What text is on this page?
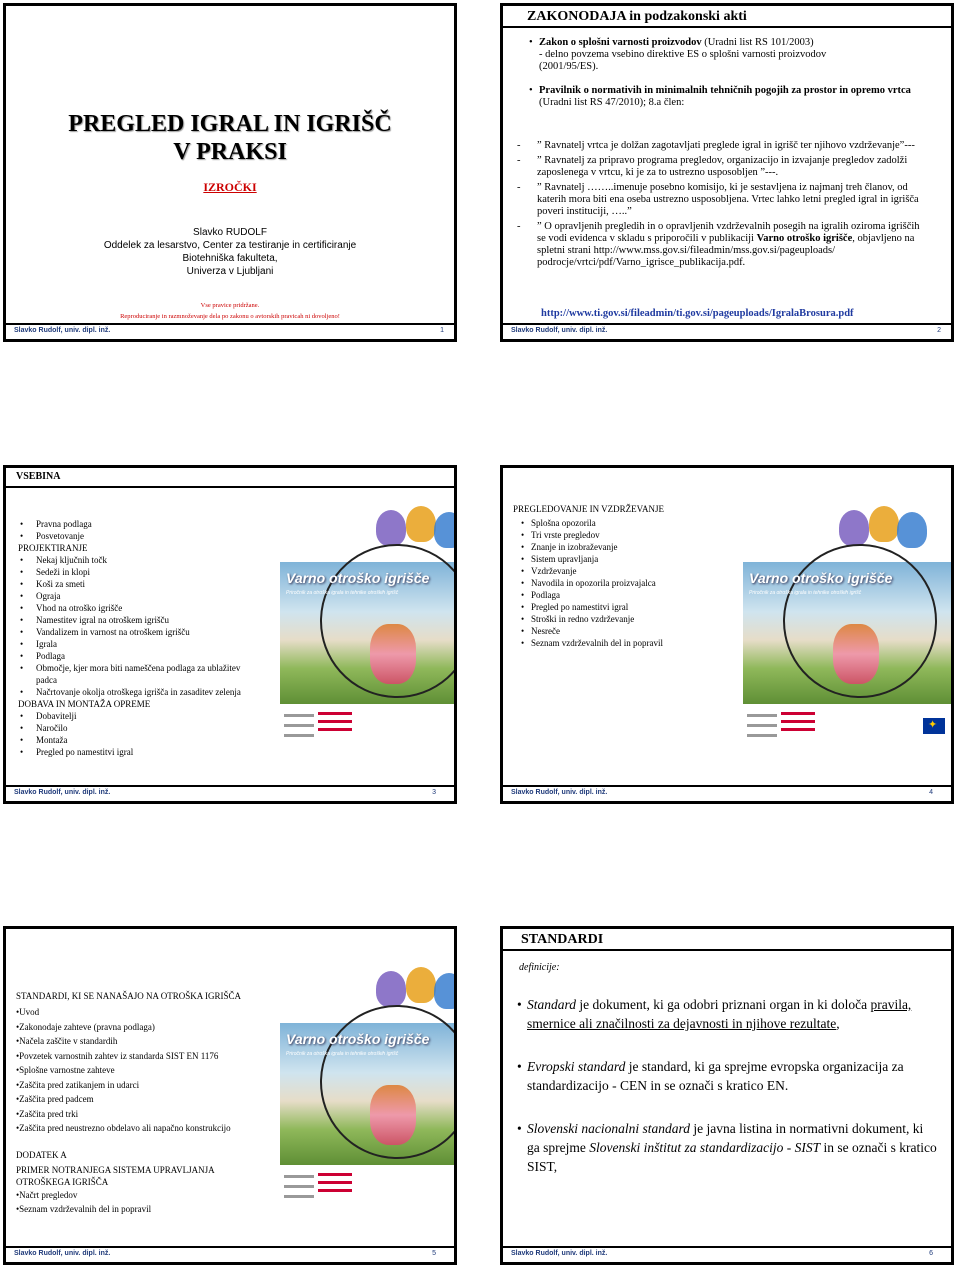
PREGLED IGRAL IN IGRIŠČ
V PRAKSI
IZROČKI
Slavko RUDOLF
Oddelek za lesarstvo, Center za testiranje in certificiranje
Biotehniška fakulteta,
Univerza v Ljubljani
Vse pravice pridržane.
Reproduciranje in razmnoževanje dela po zakonu o avtorskih pravicah ni dovoljeno!
Slavko Rudolf, univ. dipl. inž.	1
ZAKONODAJA in podzakonski akti
• Zakon o splošni varnosti proizvodov (Uradni list RS 101/2003)
- delno povzema vsebino direktive ES o splošni varnosti proizvodov
(2001/95/ES).
• Pravilnik o normativih in minimalnih tehničnih pogojih za prostor in opremo vrtca (Uradni list RS 47/2010); 8.a člen:
- ” Ravnatelj vrtca je dolžan zagotavljati preglede igral in igrišč ter njihovo vzdrževanje”---
- ” Ravnatelj za pripravo programa pregledov, organizacijo in izvajanje pregledov zadolži zaposlenega v vrtcu, ki je za to ustrezno usposobljen ”---.
- ” Ravnatelj ……..imenuje posebno komisijo, ki je sestavljena iz najmanj treh članov, od katerih mora biti ena oseba ustrezno usposobljena. Vrtec lahko letni pregled igral in igrišča poveri instituciji, …..”
- ” O opravljenih pregledih in o opravljenih vzdrževalnih posegih na igralih oziroma igriščih se vodi evidenca v skladu s priporočili v publikaciji Varno otroško igrišče, objavljeno na spletni strani http://www.mss.gov.si/fileadmin/mss.gov.si/pageuploads/ podrocje/vrtci/pdf/Varno_igrisce_publikacija.pdf.
http://www.ti.gov.si/fileadmin/ti.gov.si/pageuploads/IgralaBrosura.pdf
Slavko Rudolf, univ. dipl. inž.	2
VSEBINA
• Pravna podlaga
• Posvetovanje
PROJEKTIRANJE
• Nekaj ključnih točk
• Sedeži in klopi
• Koši za smeti
• Ograja
• Vhod na otroško igrišče
• Namestitev igral na otroškem igrišču
• Vandalizem in varnost na otroškem igrišču
• Igrala
• Podlaga
• Območje, kjer mora biti nameščena podlaga za ublažitev padca
• Načrtovanje okolja otroškega igrišča in zasaditev zelenja
DOBAVA IN MONTAŽA OPREME
• Dobavitelji
• Naročilo
• Montaža
• Pregled po namestitvi igral
Varno otroško igrišče
Priročnik za otroška igrala in tehnike otroških igrišč
Slavko Rudolf, univ. dipl. inž.	3
PREGLEDOVANJE IN VZDRŽEVANJE
• Splošna opozorila
• Tri vrste pregledov
• Znanje in izobraževanje
• Sistem upravljanja
• Vzdrževanje
• Navodila in opozorila proizvajalca
• Podlaga
• Pregled po namestitvi igral
• Stroški in redno vzdrževanje
• Nesreče
• Seznam vzdrževalnih del in popravil
Varno otroško igrišče
Priročnik za otroška igrala in tehnike otroških igrišč
✦
Slavko Rudolf, univ. dipl. inž.	4
STANDARDI, KI SE NANAŠAJO NA OTROŠKA IGRIŠČA
•Uvod
•Zakonodaje zahteve (pravna podlaga)
•Načela zaščite v standardih
•Povzetek varnostnih zahtev iz standarda SIST EN 1176
•Splošne varnostne zahteve
•Zaščita pred zatikanjem in udarci
•Zaščita pred padcem
•Zaščita pred trki
•Zaščita pred neustrezno obdelavo ali napačno konstrukcijo
DODATEK A
PRIMER NOTRANJEGA SISTEMA UPRAVLJANJA OTROŠKEGA IGRIŠČA
•Načrt pregledov
•Seznam vzdrževalnih del in popravil
Varno otroško igrišče
Priročnik za otroška igrala in tehnike otroških igrišč
Slavko Rudolf, univ. dipl. inž.	5
STANDARDI
definicije:
• Standard je dokument, ki ga odobri priznani organ in ki določa pravila, smernice ali značilnosti za dejavnosti in njihove rezultate,
• Evropski standard je standard, ki ga sprejme evropska organizacija za standardizacijo - CEN in se označi s kratico EN.
• Slovenski nacionalni standard je javna listina in normativni dokument, ki ga sprejme Slovenski inštitut za standardizacijo - SIST in se označi s kratico SIST,
Slavko Rudolf, univ. dipl. inž.	6
